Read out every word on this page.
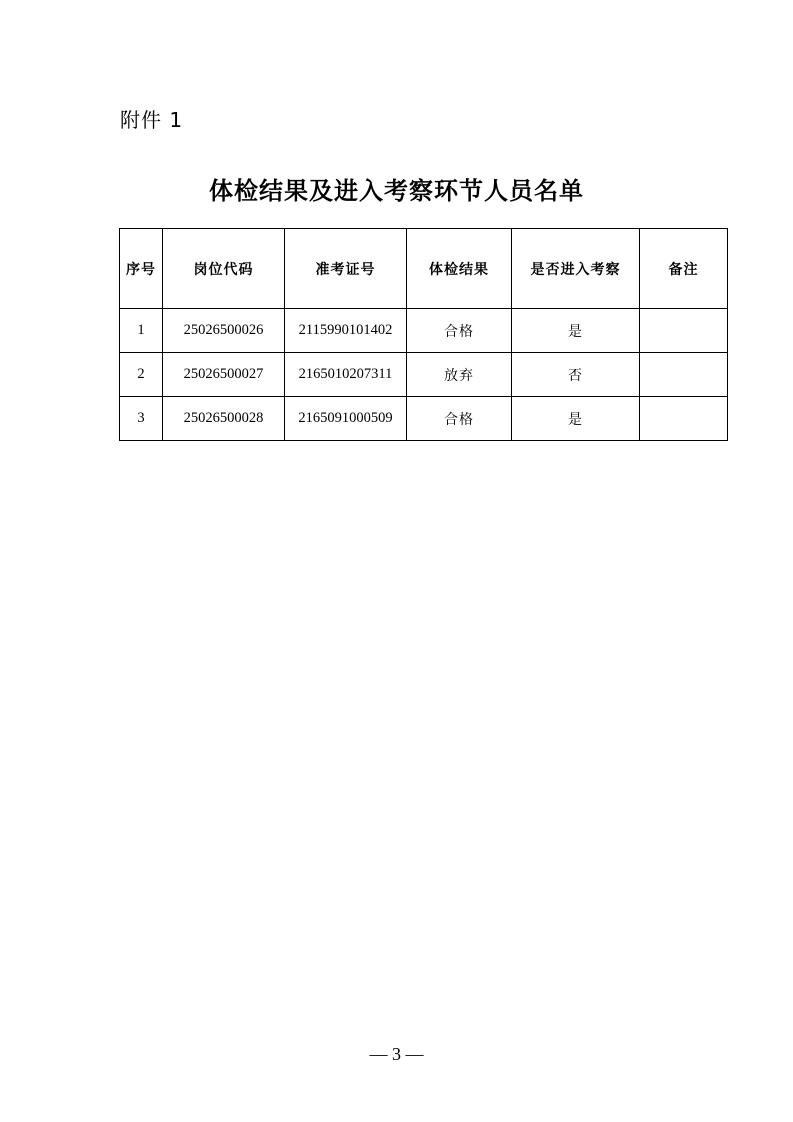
附件 1
体检结果及进入考察环节人员名单
序号	岗位代码	准考证号	体检结果	是否进入考察	备注
1	25026500026	2115990101402	合格	是	
2	25026500027	2165010207311	放弃	否	
3	25026500028	2165091000509	合格	是	
— 3 —
